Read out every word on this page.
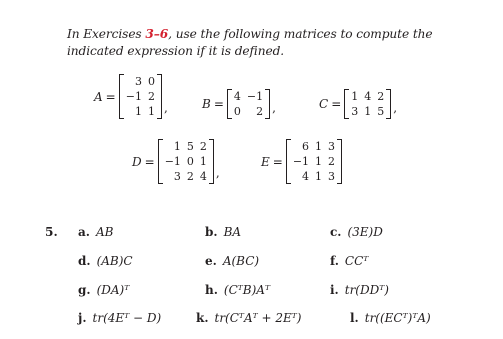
In Exercises 3–6, use the following matrices to compute the indicated expression if it is defined.
A =
3	0
−1	2
1	1 ,	B =
4	−1
0	2 ,	C =
1	4	2
3	1	5 ,
D =
1	5	2
−1	0	1
3	2	4 ,
E =
6	1	3
−1	1	2
4	1	3
5. a. AB	b. BA	c. (3E)D
d. (AB)C	e. A(BC)	f. CCᵀ
g. (DA)ᵀ	h. (CᵀB)Aᵀ	i. tr(DDᵀ)
j. tr(4Eᵀ − D)	k. tr(CᵀAᵀ + 2Eᵀ)	l. tr((ECᵀ)ᵀA)
